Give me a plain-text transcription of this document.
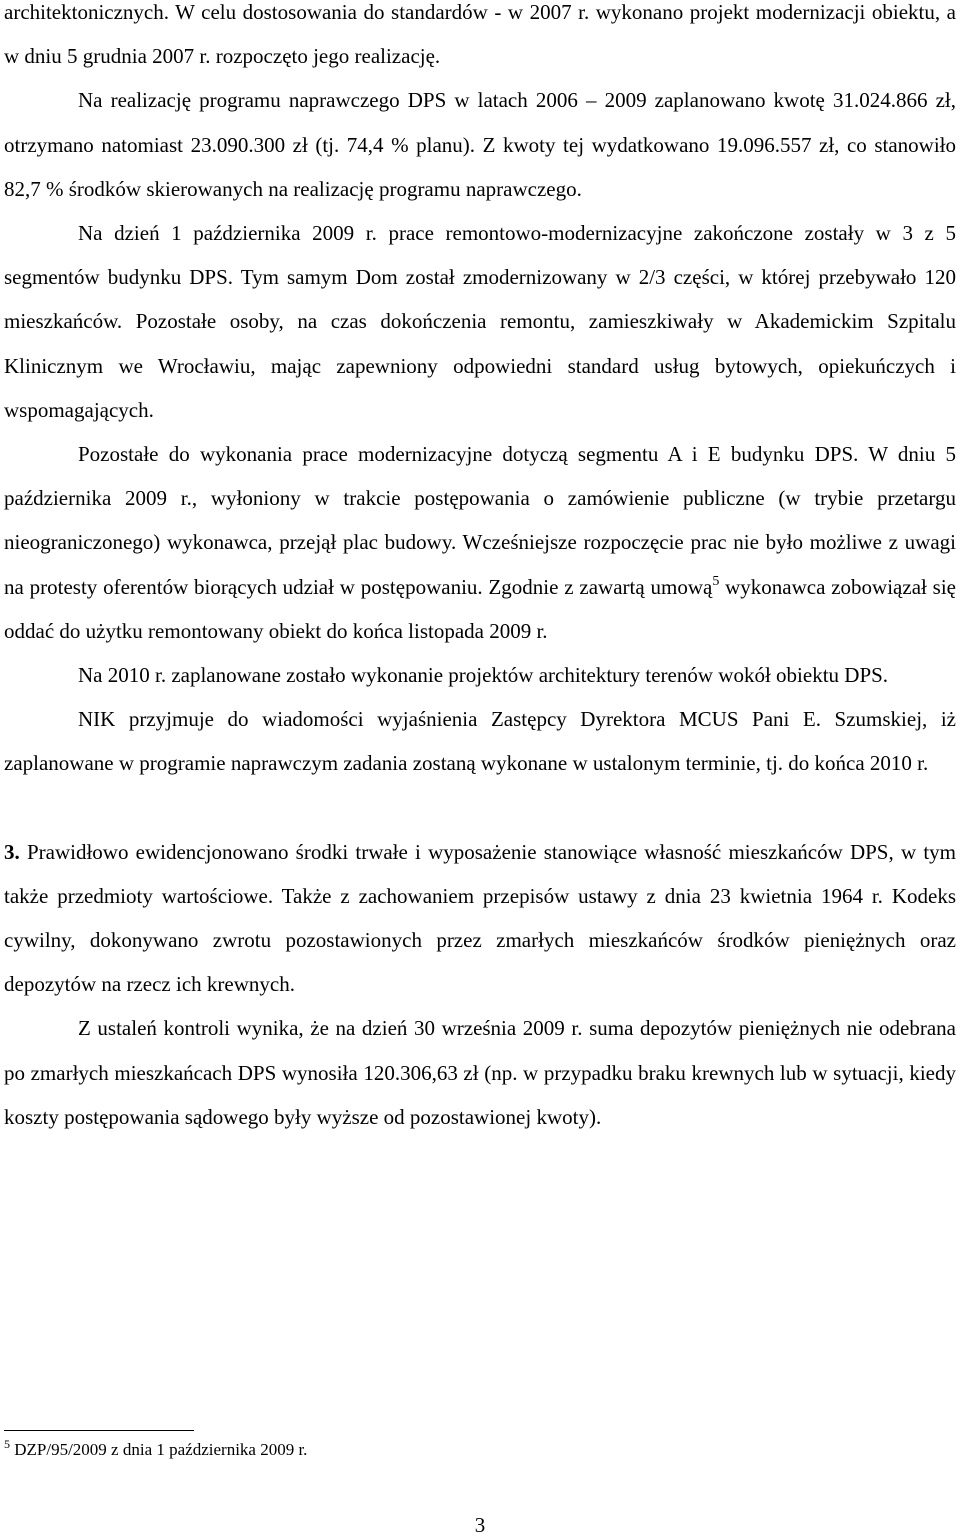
architektonicznych. W celu dostosowania do standardów - w 2007 r. wykonano projekt modernizacji obiektu, a w dniu 5 grudnia 2007 r. rozpoczęto jego realizację.

Na realizację programu naprawczego DPS w latach 2006 – 2009 zaplanowano kwotę 31.024.866 zł, otrzymano natomiast 23.090.300 zł (tj. 74,4 % planu). Z kwoty tej wydatkowano 19.096.557 zł, co stanowiło 82,7 % środków skierowanych na realizację programu naprawczego.

Na dzień 1 października 2009 r. prace remontowo-modernizacyjne zakończone zostały w 3 z 5 segmentów budynku DPS. Tym samym Dom został zmodernizowany w 2/3 części, w której przebywało 120 mieszkańców. Pozostałe osoby, na czas dokończenia remontu, zamieszkiwały w Akademickim Szpitalu Klinicznym we Wrocławiu, mając zapewniony odpowiedni standard usług bytowych, opiekuńczych i wspomagających.

Pozostałe do wykonania prace modernizacyjne dotyczą segmentu A i E budynku DPS. W dniu 5 października 2009 r., wyłoniony w trakcie postępowania o zamówienie publiczne (w trybie przetargu nieograniczonego) wykonawca, przejął plac budowy. Wcześniejsze rozpoczęcie prac nie było możliwe z uwagi na protesty oferentów biorących udział w postępowaniu. Zgodnie z zawartą umową$^5$ wykonawca zobowiązał się oddać do użytku remontowany obiekt do końca listopada 2009 r.

Na 2010 r. zaplanowane zostało wykonanie projektów architektury terenów wokół obiektu DPS.

NIK przyjmuje do wiadomości wyjaśnienia Zastępcy Dyrektora MCUS Pani E. Szumskiej, iż zaplanowane w programie naprawczym zadania zostaną wykonane w ustalonym terminie, tj. do końca 2010 r.

3. Prawidłowo ewidencjonowano środki trwałe i wyposażenie stanowiące własność mieszkańców DPS, w tym także przedmioty wartościowe. Także z zachowaniem przepisów ustawy z dnia 23 kwietnia 1964 r. Kodeks cywilny, dokonywano zwrotu pozostawionych przez zmarłych mieszkańców środków pieniężnych oraz depozytów na rzecz ich krewnych.

Z ustaleń kontroli wynika, że na dzień 30 września 2009 r. suma depozytów pieniężnych nie odebrana po zmarłych mieszkańcach DPS wynosiła 120.306,63 zł (np. w przypadku braku krewnych lub w sytuacji, kiedy koszty postępowania sądowego były wyższe od pozostawionej kwoty).

$^5$ DZP/95/2009 z dnia 1 października 2009 r.
3
